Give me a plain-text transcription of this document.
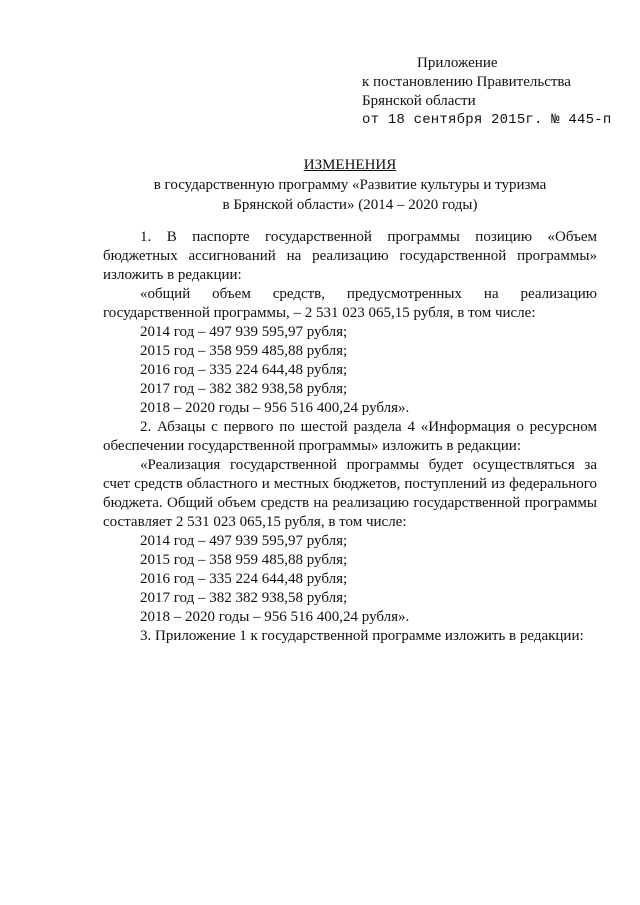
Приложение
к постановлению Правительства
Брянской области
от 18 сентября 2015г. № 445-п
ИЗМЕНЕНИЯ
в государственную программу «Развитие культуры и туризма
в Брянской области» (2014 – 2020 годы)
1. В паспорте государственной программы позицию «Объем бюджетных ассигнований на реализацию государственной программы» изложить в редакции:
«общий объем средств, предусмотренных на реализацию государственной программы, – 2 531 023 065,15 рубля, в том числе:
2014 год – 497 939 595,97 рубля;
2015 год – 358 959 485,88 рубля;
2016 год – 335 224 644,48 рубля;
2017 год – 382 382 938,58 рубля;
2018 – 2020 годы – 956 516 400,24 рубля».
2. Абзацы с первого по шестой раздела 4 «Информация о ресурсном обеспечении государственной программы» изложить в редакции:
«Реализация государственной программы будет осуществляться за счет средств областного и местных бюджетов, поступлений из федерального бюджета. Общий объем средств на реализацию государственной программы составляет 2 531 023 065,15 рубля, в том числе:
2014 год – 497 939 595,97 рубля;
2015 год – 358 959 485,88 рубля;
2016 год – 335 224 644,48 рубля;
2017 год – 382 382 938,58 рубля;
2018 – 2020 годы – 956 516 400,24 рубля».
3. Приложение 1 к государственной программе изложить в редакции:
